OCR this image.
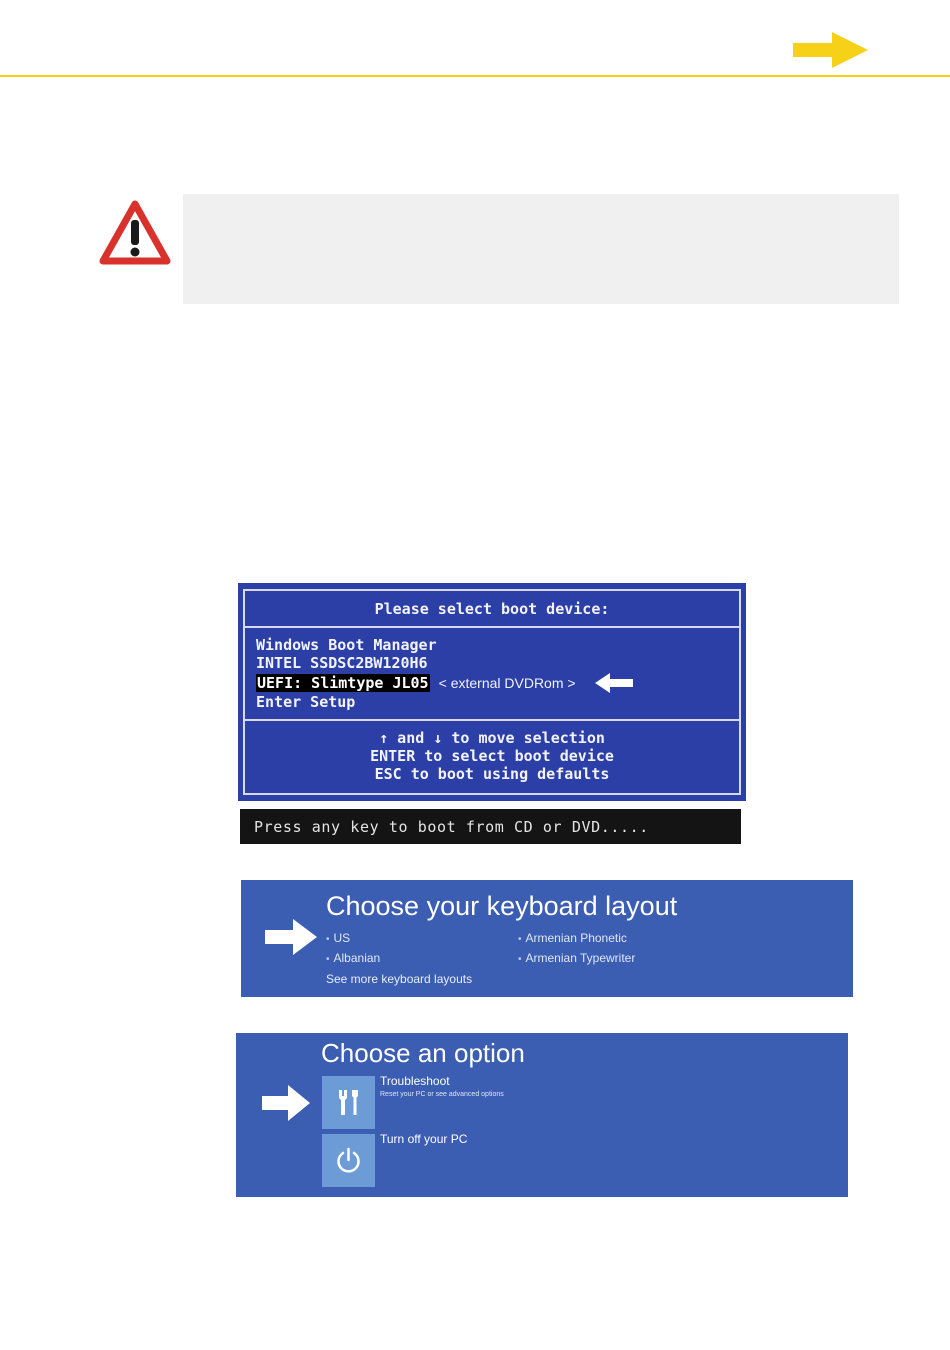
Please select boot device:
Windows Boot Manager
INTEL SSDSC2BW120H6
UEFI: Slimtype JL05 < external DVDRom >
Enter Setup
↑ and ↓ to move selection
ENTER to select boot device
ESC to boot using defaults
Press any key to boot from CD or DVD.....
Choose your keyboard layout
• US
• Albanian
• Armenian Phonetic
• Armenian Typewriter
See more keyboard layouts
Choose an option
Troubleshoot
Reset your PC or see advanced options
Turn off your PC
